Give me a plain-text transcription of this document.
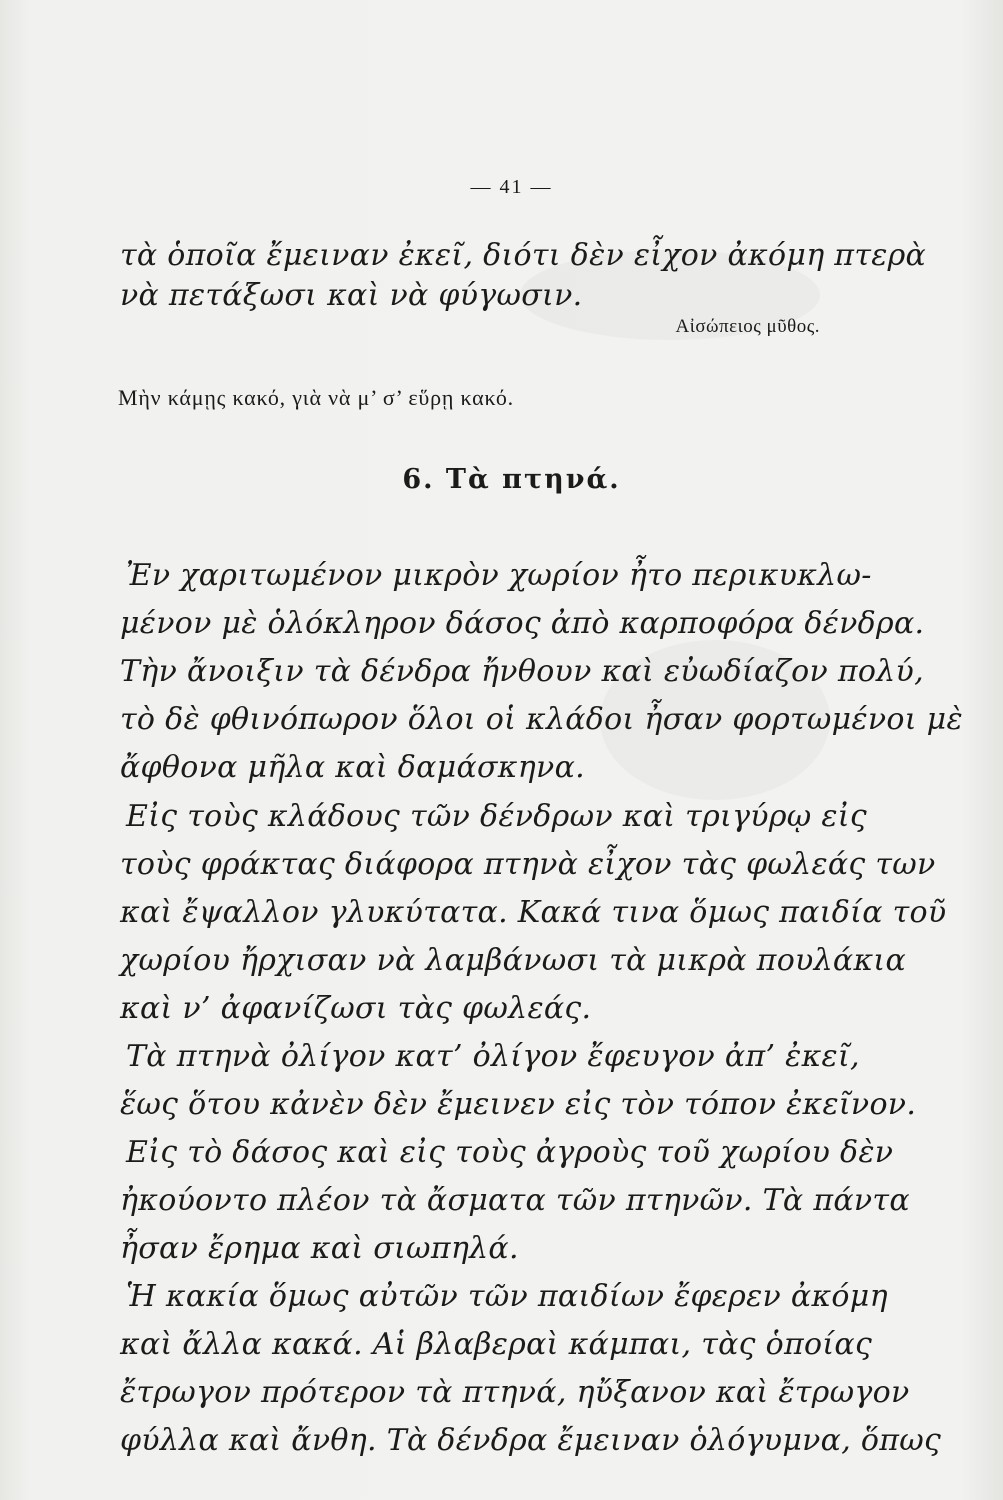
— 41 —
τὰ ὁποῖα ἔμειναν ἐκεῖ, διότι δὲν εἶχον ἀκόμη πτερὰ
νὰ πετάξωσι καὶ νὰ φύγωσιν.
Αἰσώπειος μῦθος.
Μὴν κάμῃς κακό, γιὰ νὰ μ’ σ’ εὕρῃ κακό.
6. Τὰ πτηνά.
Ἐν χαριτωμένον μικρὸν χωρίον ἦτο περικυκλω-
μένον μὲ ὁλόκληρον δάσος ἀπὸ καρποφόρα δένδρα.
Τὴν ἄνοιξιν τὰ δένδρα ἤνθουν καὶ εὐωδίαζον πολύ,
τὸ δὲ φθινόπωρον ὅλοι οἱ κλάδοι ἦσαν φορτωμένοι μὲ
ἄφθονα μῆλα καὶ δαμάσκηνα.
Εἰς τοὺς κλάδους τῶν δένδρων καὶ τριγύρῳ εἰς
τοὺς φράκτας διάφορα πτηνὰ εἶχον τὰς φωλεάς των
καὶ ἔψαλλον γλυκύτατα. Κακά τινα ὅμως παιδία τοῦ
χωρίου ἤρχισαν νὰ λαμβάνωσι τὰ μικρὰ πουλάκια
καὶ ν’ ἀφανίζωσι τὰς φωλεάς.
Τὰ πτηνὰ ὀλίγον κατ’ ὀλίγον ἔφευγον ἀπ’ ἐκεῖ,
ἕως ὅτου κἀνὲν δὲν ἔμεινεν εἰς τὸν τόπον ἐκεῖνον.
Εἰς τὸ δάσος καὶ εἰς τοὺς ἀγροὺς τοῦ χωρίου δὲν
ἠκούοντο πλέον τὰ ἄσματα τῶν πτηνῶν. Τὰ πάντα
ἦσαν ἔρημα καὶ σιωπηλά.
Ἡ κακία ὅμως αὐτῶν τῶν παιδίων ἔφερεν ἀκόμη
καὶ ἄλλα κακά. Αἱ βλαβεραὶ κάμπαι, τὰς ὁποίας
ἔτρωγον πρότερον τὰ πτηνά, ηὔξανον καὶ ἔτρωγον
φύλλα καὶ ἄνθη. Τὰ δένδρα ἔμειναν ὁλόγυμνα, ὅπως
